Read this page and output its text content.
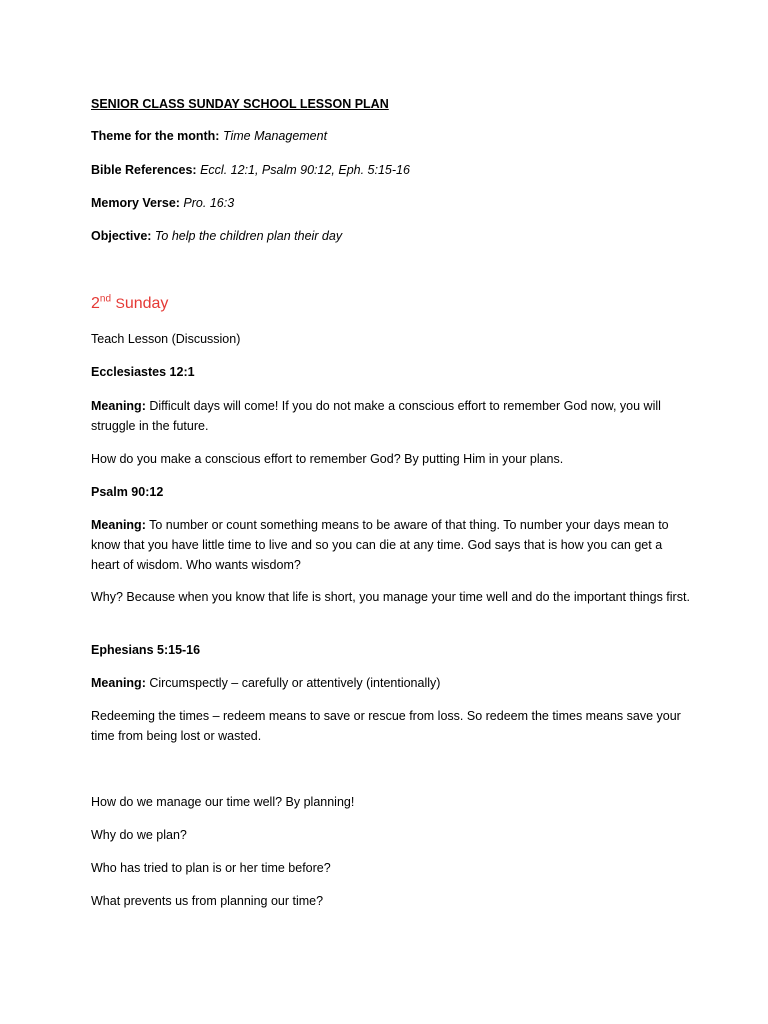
SENIOR CLASS SUNDAY SCHOOL LESSON PLAN
Theme for the month: Time Management
Bible References: Eccl. 12:1, Psalm 90:12, Eph. 5:15-16
Memory Verse: Pro. 16:3
Objective: To help the children plan their day
2nd Sunday
Teach Lesson (Discussion)
Ecclesiastes 12:1
Meaning: Difficult days will come! If you do not make a conscious effort to remember God now, you will struggle in the future.
How do you make a conscious effort to remember God? By putting Him in your plans.
Psalm 90:12
Meaning: To number or count something means to be aware of that thing. To number your days mean to know that you have little time to live and so you can die at any time. God says that is how you can get a heart of wisdom. Who wants wisdom?
Why? Because when you know that life is short, you manage your time well and do the important things first.
Ephesians 5:15-16
Meaning: Circumspectly – carefully or attentively (intentionally)
Redeeming the times – redeem means to save or rescue from loss. So redeem the times means save your time from being lost or wasted.
How do we manage our time well? By planning!
Why do we plan?
Who has tried to plan is or her time before?
What prevents us from planning our time?
